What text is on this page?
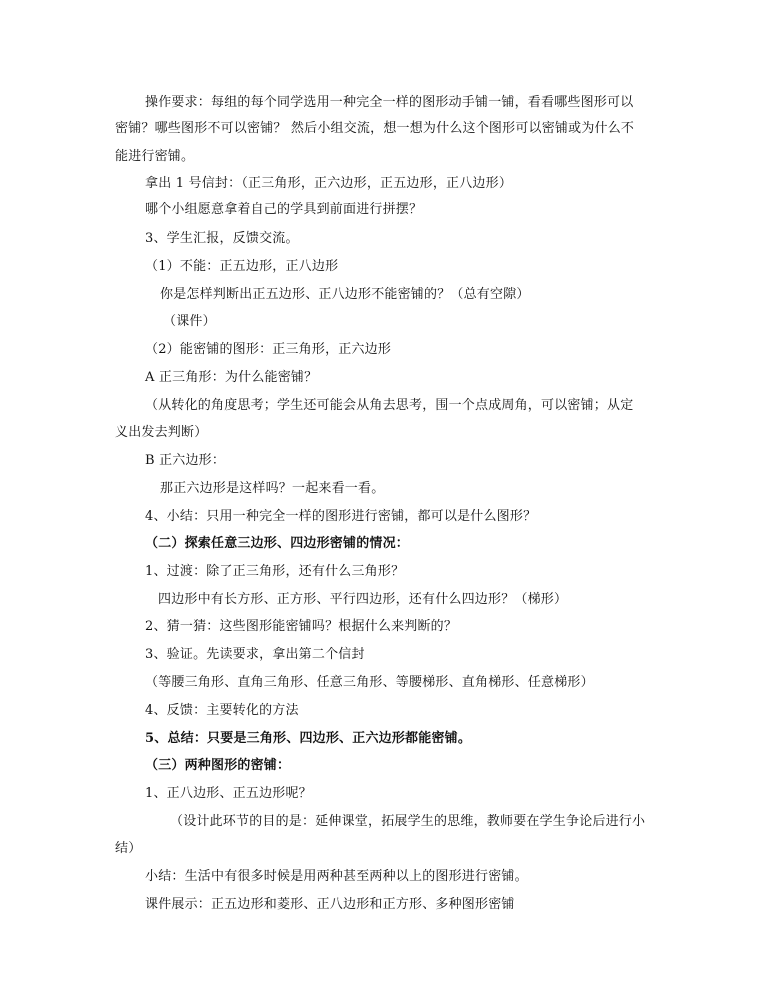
操作要求：每组的每个同学选用一种完全一样的图形动手铺一铺，看看哪些图形可以
密铺？哪些图形不可以密铺？ 然后小组交流，想一想为什么这个图形可以密铺或为什么不
能进行密铺。
拿出 1 号信封：（正三角形，正六边形，正五边形，正八边形）
哪个小组愿意拿着自己的学具到前面进行拼摆？
3、学生汇报，反馈交流。
（1）不能：正五边形，正八边形
你是怎样判断出正五边形、正八边形不能密铺的？（总有空隙）
（课件）
（2）能密铺的图形：正三角形，正六边形
A 正三角形：为什么能密铺？
（从转化的角度思考；学生还可能会从角去思考，围一个点成周角，可以密铺；从定
义出发去判断）
B 正六边形：
那正六边形是这样吗？一起来看一看。
4、小结：只用一种完全一样的图形进行密铺，都可以是什么图形？
（二）探索任意三边形、四边形密铺的情况：
1、过渡：除了正三角形，还有什么三角形？
四边形中有长方形、正方形、平行四边形，还有什么四边形？（梯形）
2、猜一猜：这些图形能密铺吗？根据什么来判断的？
3、验证。先读要求，拿出第二个信封
（等腰三角形、直角三角形、任意三角形、等腰梯形、直角梯形、任意梯形）
4、反馈：主要转化的方法
5、总结：只要是三角形、四边形、正六边形都能密铺。
（三）两种图形的密铺：
1、正八边形、正五边形呢？
（设计此环节的目的是：延伸课堂，拓展学生的思维，教师要在学生争论后进行小
结）
小结：生活中有很多时候是用两种甚至两种以上的图形进行密铺。
课件展示：正五边形和菱形、正八边形和正方形、多种图形密铺
